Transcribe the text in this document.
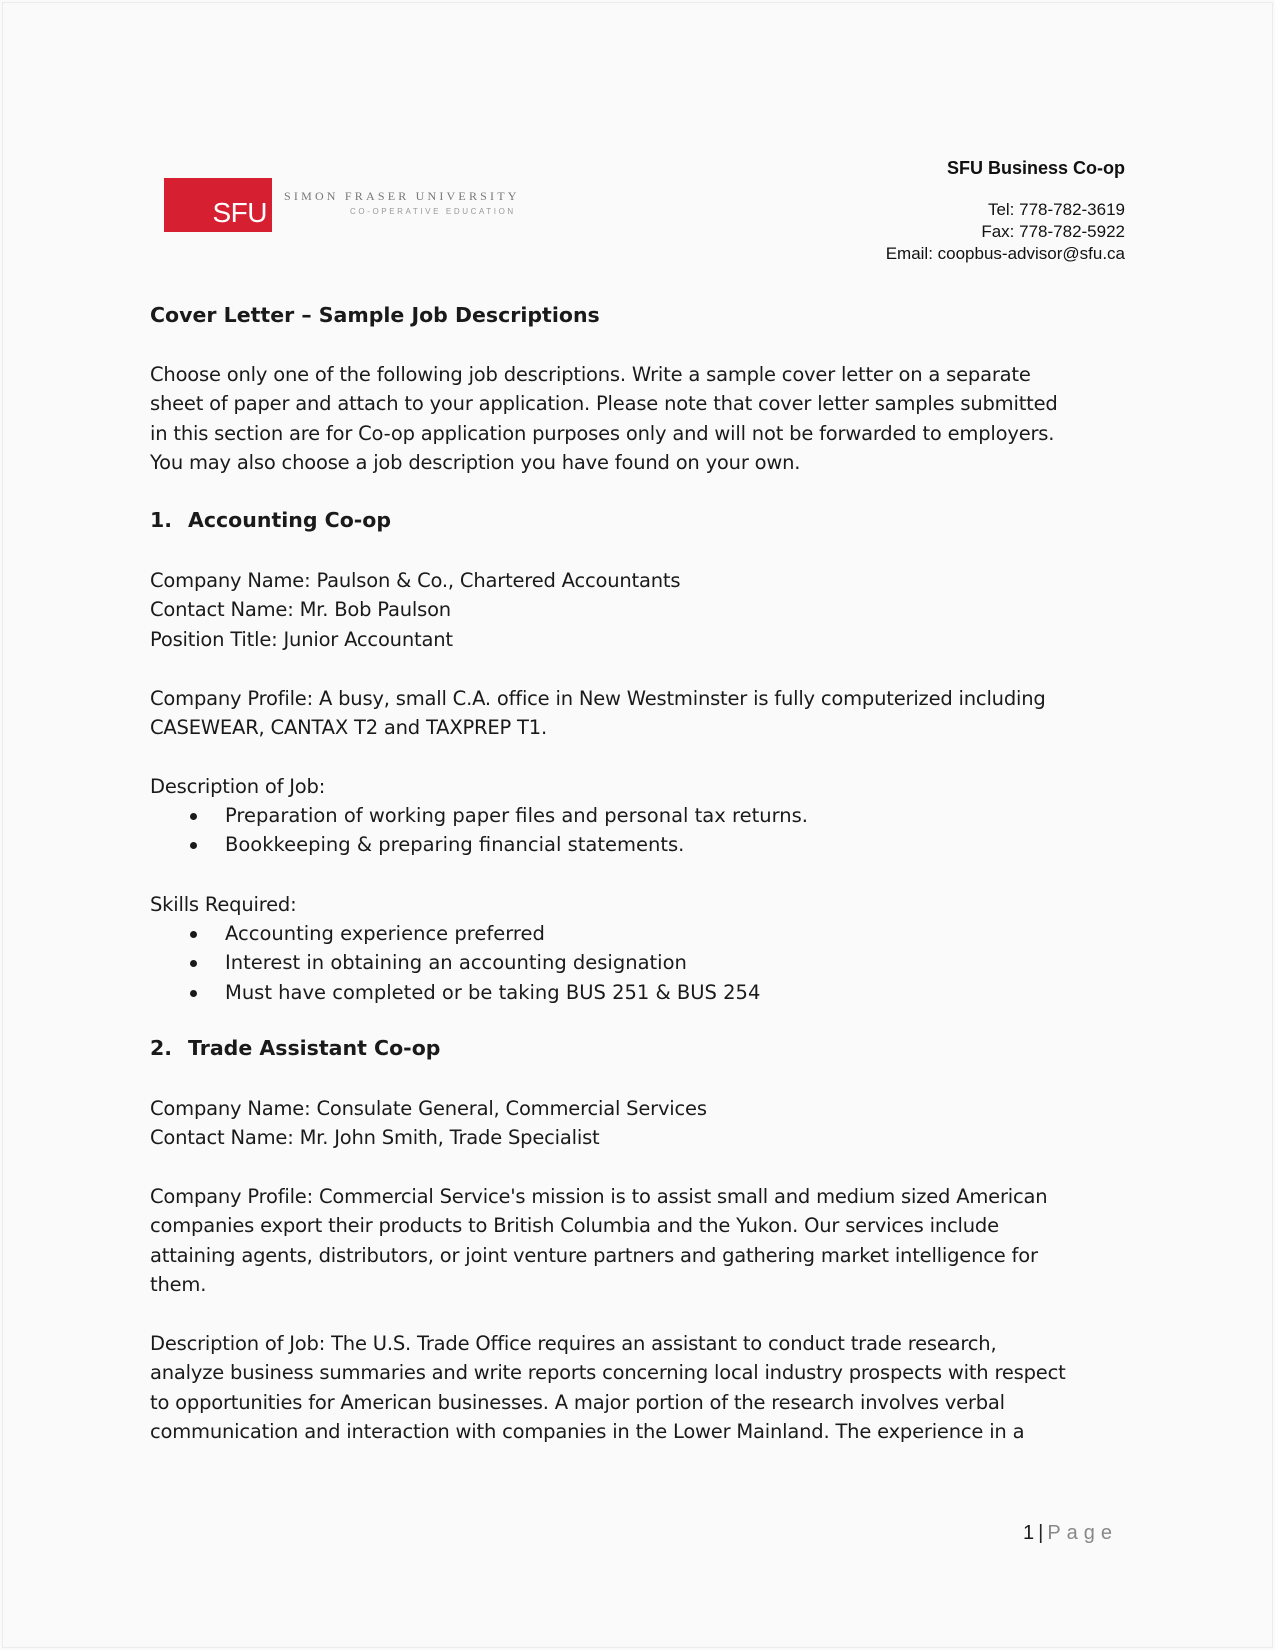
SFU
SIMON FRASER UNIVERSITY
CO-OPERATIVE EDUCATION
SFU Business Co-op
Tel: 778-782-3619
Fax: 778-782-5922
Email: coopbus-advisor@sfu.ca
Cover Letter – Sample Job Descriptions
Choose only one of the following job descriptions. Write a sample cover letter on a separate
sheet of paper and attach to your application. Please note that cover letter samples submitted
in this section are for Co-op application purposes only and will not be forwarded to employers.
You may also choose a job description you have found on your own.
1. Accounting Co-op
Company Name: Paulson & Co., Chartered Accountants
Contact Name: Mr. Bob Paulson
Position Title: Junior Accountant
Company Profile: A busy, small C.A. office in New Westminster is fully computerized including
CASEWEAR, CANTAX T2 and TAXPREP T1.
Description of Job:
Preparation of working paper files and personal tax returns.
Bookkeeping & preparing financial statements.
Skills Required:
Accounting experience preferred
Interest in obtaining an accounting designation
Must have completed or be taking BUS 251 & BUS 254
2. Trade Assistant Co-op
Company Name: Consulate General, Commercial Services
Contact Name: Mr. John Smith, Trade Specialist
Company Profile: Commercial Service's mission is to assist small and medium sized American
companies export their products to British Columbia and the Yukon. Our services include
attaining agents, distributors, or joint venture partners and gathering market intelligence for
them.
Description of Job: The U.S. Trade Office requires an assistant to conduct trade research,
analyze business summaries and write reports concerning local industry prospects with respect
to opportunities for American businesses. A major portion of the research involves verbal
communication and interaction with companies in the Lower Mainland. The experience in a
1 | Page
